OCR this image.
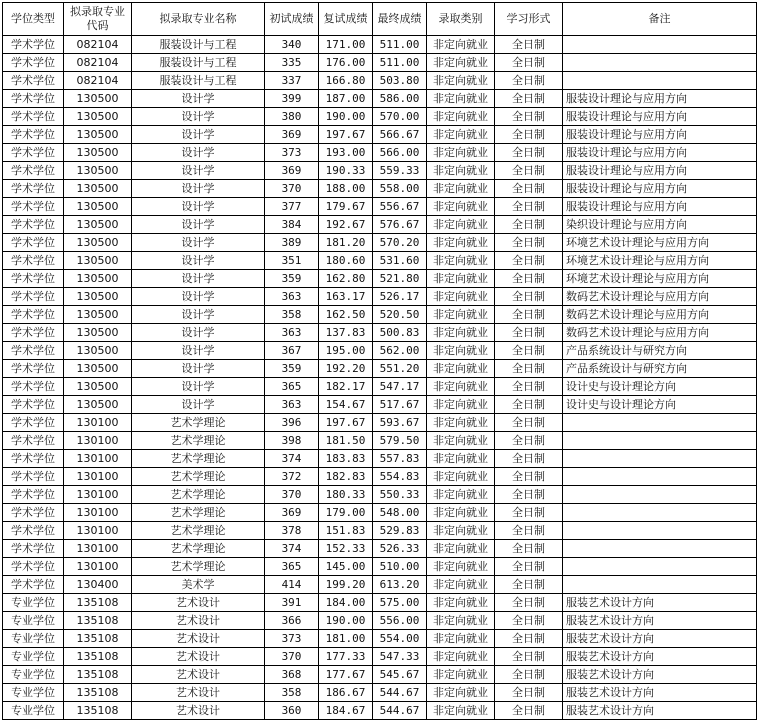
学位类型	拟录取专业代码	拟录取专业名称	初试成绩	复试成绩	最终成绩	录取类别	学习形式	备注
学术学位	082104	服装设计与工程	340	171.00	511.00	非定向就业	全日制	
学术学位	082104	服装设计与工程	335	176.00	511.00	非定向就业	全日制	
学术学位	082104	服装设计与工程	337	166.80	503.80	非定向就业	全日制	
学术学位	130500	设计学	399	187.00	586.00	非定向就业	全日制	服装设计理论与应用方向
学术学位	130500	设计学	380	190.00	570.00	非定向就业	全日制	服装设计理论与应用方向
学术学位	130500	设计学	369	197.67	566.67	非定向就业	全日制	服装设计理论与应用方向
学术学位	130500	设计学	373	193.00	566.00	非定向就业	全日制	服装设计理论与应用方向
学术学位	130500	设计学	369	190.33	559.33	非定向就业	全日制	服装设计理论与应用方向
学术学位	130500	设计学	370	188.00	558.00	非定向就业	全日制	服装设计理论与应用方向
学术学位	130500	设计学	377	179.67	556.67	非定向就业	全日制	服装设计理论与应用方向
学术学位	130500	设计学	384	192.67	576.67	非定向就业	全日制	染织设计理论与应用方向
学术学位	130500	设计学	389	181.20	570.20	非定向就业	全日制	环境艺术设计理论与应用方向
学术学位	130500	设计学	351	180.60	531.60	非定向就业	全日制	环境艺术设计理论与应用方向
学术学位	130500	设计学	359	162.80	521.80	非定向就业	全日制	环境艺术设计理论与应用方向
学术学位	130500	设计学	363	163.17	526.17	非定向就业	全日制	数码艺术设计理论与应用方向
学术学位	130500	设计学	358	162.50	520.50	非定向就业	全日制	数码艺术设计理论与应用方向
学术学位	130500	设计学	363	137.83	500.83	非定向就业	全日制	数码艺术设计理论与应用方向
学术学位	130500	设计学	367	195.00	562.00	非定向就业	全日制	产品系统设计与研究方向
学术学位	130500	设计学	359	192.20	551.20	非定向就业	全日制	产品系统设计与研究方向
学术学位	130500	设计学	365	182.17	547.17	非定向就业	全日制	设计史与设计理论方向
学术学位	130500	设计学	363	154.67	517.67	非定向就业	全日制	设计史与设计理论方向
学术学位	130100	艺术学理论	396	197.67	593.67	非定向就业	全日制	
学术学位	130100	艺术学理论	398	181.50	579.50	非定向就业	全日制	
学术学位	130100	艺术学理论	374	183.83	557.83	非定向就业	全日制	
学术学位	130100	艺术学理论	372	182.83	554.83	非定向就业	全日制	
学术学位	130100	艺术学理论	370	180.33	550.33	非定向就业	全日制	
学术学位	130100	艺术学理论	369	179.00	548.00	非定向就业	全日制	
学术学位	130100	艺术学理论	378	151.83	529.83	非定向就业	全日制	
学术学位	130100	艺术学理论	374	152.33	526.33	非定向就业	全日制	
学术学位	130100	艺术学理论	365	145.00	510.00	非定向就业	全日制	
学术学位	130400	美术学	414	199.20	613.20	非定向就业	全日制	
专业学位	135108	艺术设计	391	184.00	575.00	非定向就业	全日制	服装艺术设计方向
专业学位	135108	艺术设计	366	190.00	556.00	非定向就业	全日制	服装艺术设计方向
专业学位	135108	艺术设计	373	181.00	554.00	非定向就业	全日制	服装艺术设计方向
专业学位	135108	艺术设计	370	177.33	547.33	非定向就业	全日制	服装艺术设计方向
专业学位	135108	艺术设计	368	177.67	545.67	非定向就业	全日制	服装艺术设计方向
专业学位	135108	艺术设计	358	186.67	544.67	非定向就业	全日制	服装艺术设计方向
专业学位	135108	艺术设计	360	184.67	544.67	非定向就业	全日制	服装艺术设计方向
